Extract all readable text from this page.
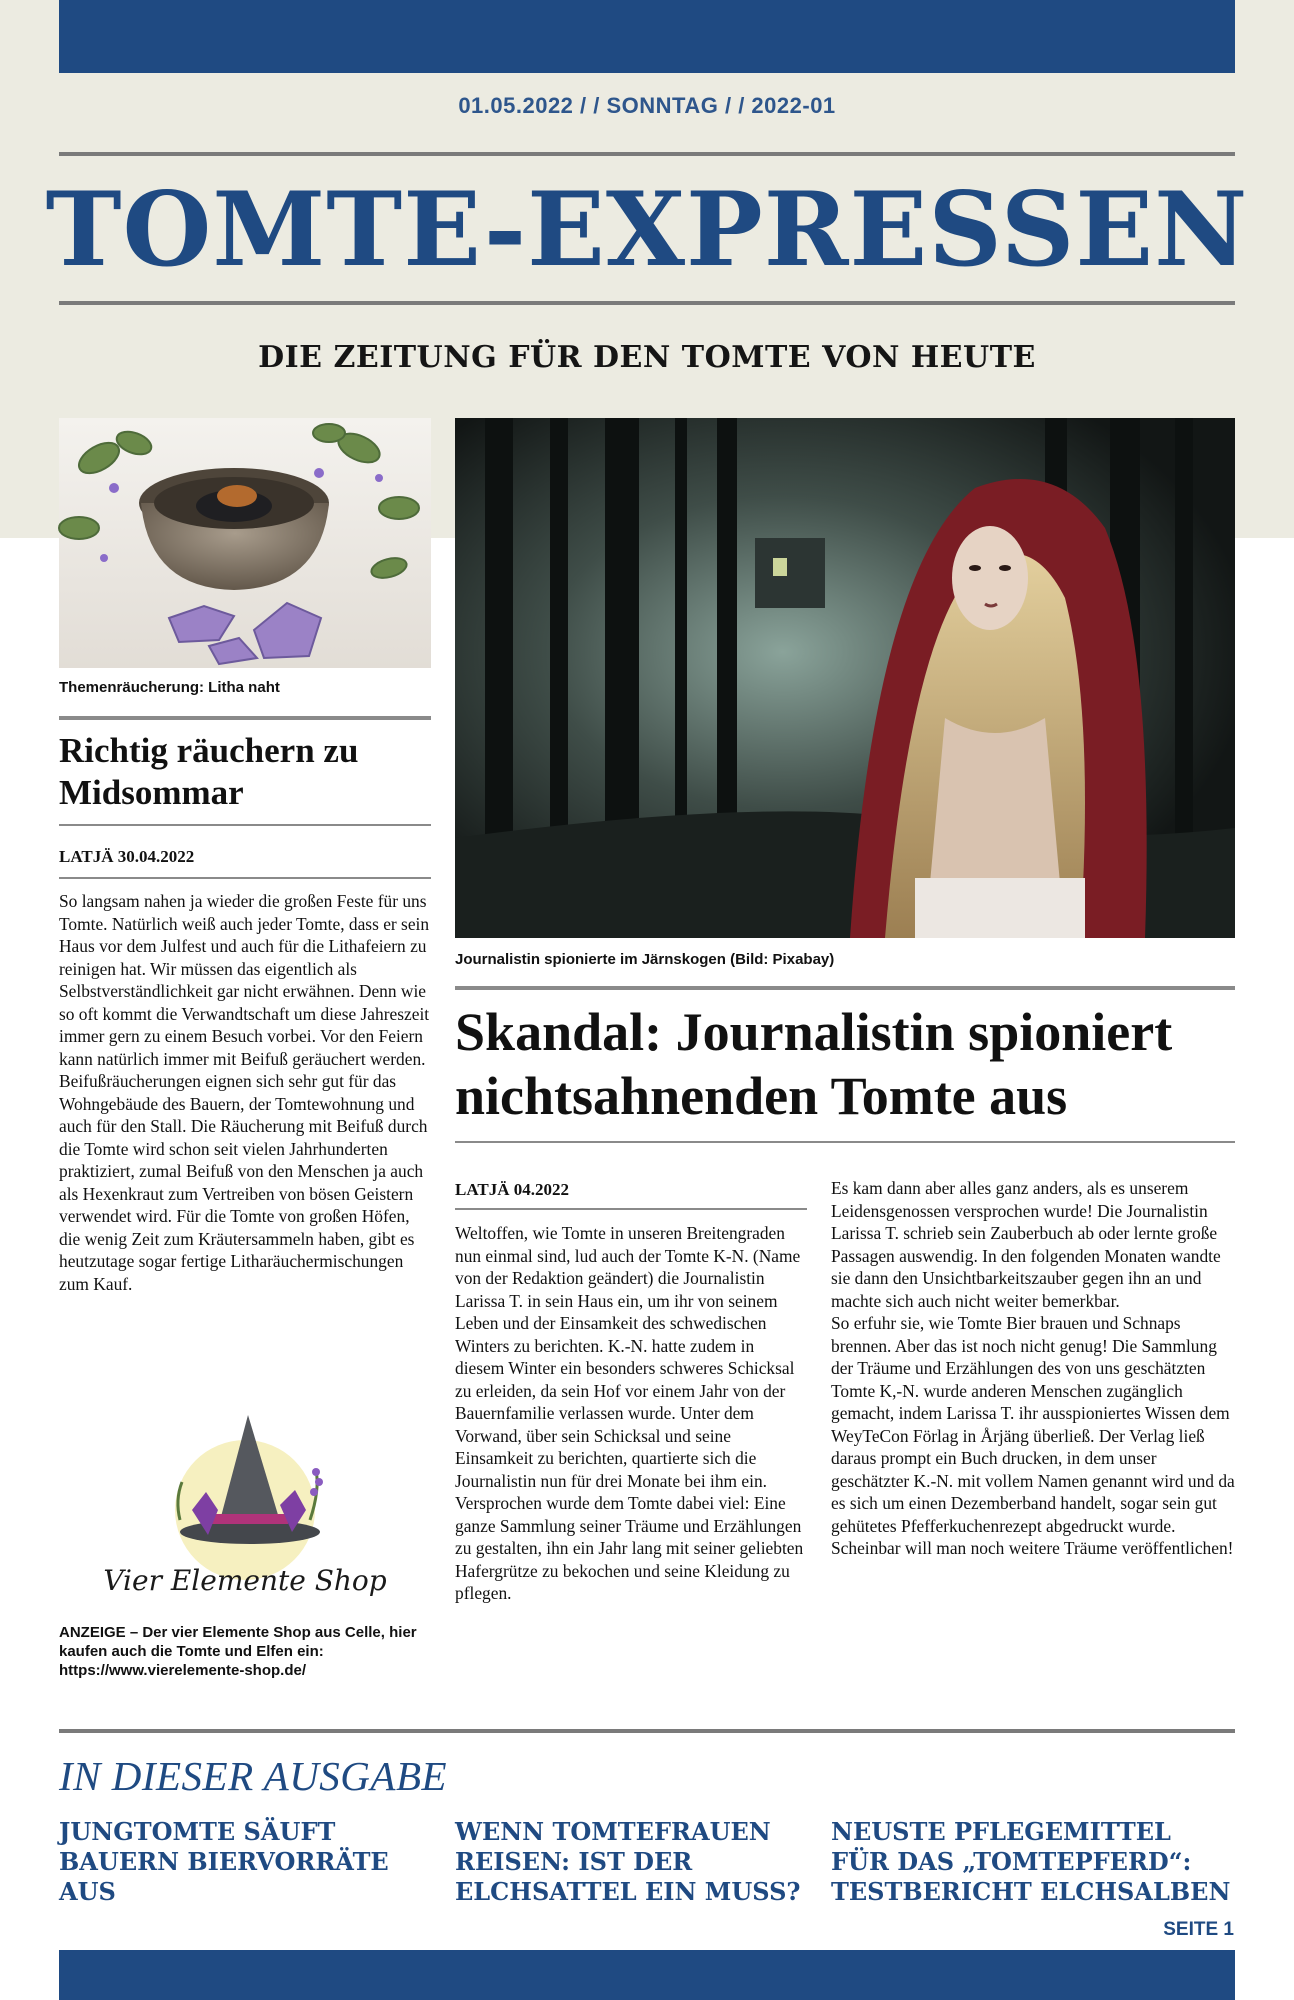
01.05.2022 / / SONNTAG / / 2022-01
TOMTE-EXPRESSEN
DIE ZEITUNG FÜR DEN TOMTE VON HEUTE
Themenräucherung: Litha naht
Richtig räuchern zu Midsommar
LATJÄ 30.04.2022
So langsam nahen ja wieder die großen Feste für uns Tomte. Natürlich weiß auch jeder Tomte, dass er sein Haus vor dem Julfest und auch für die Lithafeiern zu reinigen hat. Wir müssen das eigentlich als Selbstverständlichkeit gar nicht erwähnen. Denn wie so oft kommt die Verwandtschaft um diese Jahreszeit immer gern zu einem Besuch vorbei. Vor den Feiern kann natürlich immer mit Beifuß geräuchert werden. Beifußräucherungen eignen sich sehr gut für das Wohngebäude des Bauern, der Tomtewohnung und auch für den Stall. Die Räucherung mit Beifuß durch die Tomte wird schon seit vielen Jahrhunderten praktiziert, zumal Beifuß von den Menschen ja auch als Hexenkraut zum Vertreiben von bösen Geistern verwendet wird. Für die Tomte von großen Höfen, die wenig Zeit zum Kräutersammeln haben, gibt es heutzutage sogar fertige Litharäuchermischungen zum Kauf.
Vier Elemente Shop
ANZEIGE – Der vier Elemente Shop aus Celle, hier kaufen auch die Tomte und Elfen ein: https://www.vierelemente-shop.de/
Journalistin spionierte im Järnskogen (Bild: Pixabay)
Skandal: Journalistin spioniert nichtsahnenden Tomte aus
LATJÄ 04.2022
Weltoffen, wie Tomte in unseren Breitengraden nun einmal sind, lud auch der Tomte K-N. (Name von der Redaktion geändert) die Journalistin Larissa T. in sein Haus ein, um ihr von seinem Leben und der Einsamkeit des schwedischen Winters zu berichten. K.-N. hatte zudem in diesem Winter ein besonders schweres Schicksal zu erleiden, da sein Hof vor einem Jahr von der Bauernfamilie verlassen wurde. Unter dem Vorwand, über sein Schicksal und seine Einsamkeit zu berichten, quartierte sich die Journalistin nun für drei Monate bei ihm ein. Versprochen wurde dem Tomte dabei viel: Eine ganze Sammlung seiner Träume und Erzählungen zu gestalten, ihn ein Jahr lang mit seiner geliebten Hafergrütze zu bekochen und seine Kleidung zu pflegen.

Es kam dann aber alles ganz anders, als es unserem Leidensgenossen versprochen wurde! Die Journalistin Larissa T. schrieb sein Zauberbuch ab oder lernte große Passagen auswendig. In den folgenden Monaten wandte sie dann den Unsichtbarkeitszauber gegen ihn an und machte sich auch nicht weiter bemerkbar.

So erfuhr sie, wie Tomte Bier brauen und Schnaps brennen. Aber das ist noch nicht genug! Die Sammlung der Träume und Erzählungen des von uns geschätzten Tomte K,-N. wurde anderen Menschen zugänglich gemacht, indem Larissa T. ihr ausspioniertes Wissen dem WeyTeCon Förlag in Årjäng überließ. Der Verlag ließ daraus prompt ein Buch drucken, in dem unser geschätzter K.-N. mit vollem Namen genannt wird und da es sich um einen Dezemberband handelt, sogar sein gut gehütetes Pfefferkuchenrezept abgedruckt wurde. Scheinbar will man noch weitere Träume veröffentlichen!

IN DIESER AUSGABE
JUNGTOMTE SÄUFT BAUERN BIERVORRÄTE AUS
WENN TOMTEFRAUEN REISEN: IST DER ELCHSATTEL EIN MUSS?
NEUSTE PFLEGEMITTEL FÜR DAS „TOMTEPFERD“: TESTBERICHT ELCHSALBEN
SEITE 1
